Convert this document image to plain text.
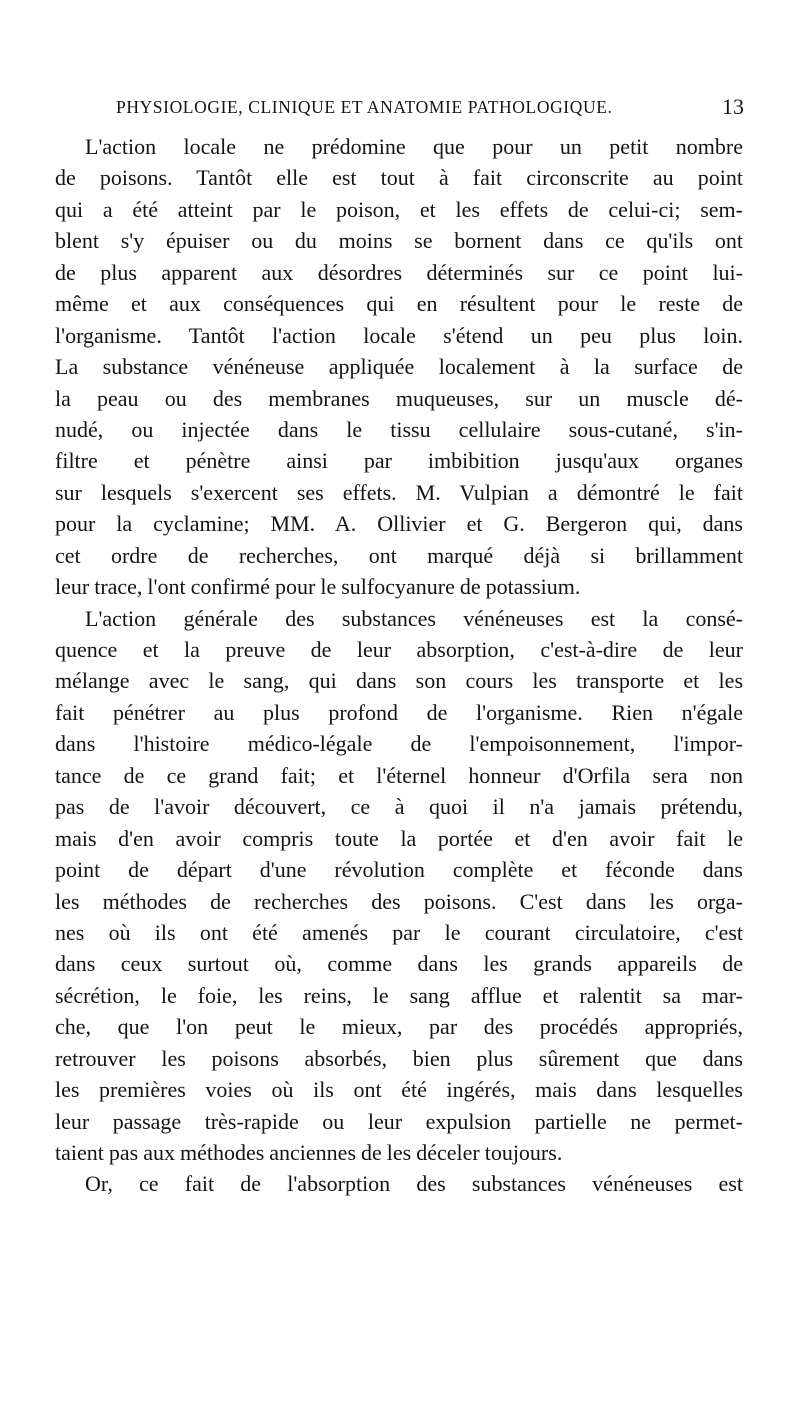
PHYSIOLOGIE, CLINIQUE ET ANATOMIE PATHOLOGIQUE.	13
L'action locale ne prédomine que pour un petit nombre
de poisons. Tantôt elle est tout à fait circonscrite au point
qui a été atteint par le poison, et les effets de celui-ci; sem-
blent s'y épuiser ou du moins se bornent dans ce qu'ils ont
de plus apparent aux désordres déterminés sur ce point lui-
même et aux conséquences qui en résultent pour le reste de
l'organisme. Tantôt l'action locale s'étend un peu plus loin.
La substance vénéneuse appliquée localement à la surface de
la peau ou des membranes muqueuses, sur un muscle dé-
nudé, ou injectée dans le tissu cellulaire sous-cutané, s'in-
filtre et pénètre ainsi par imbibition jusqu'aux organes
sur lesquels s'exercent ses effets. M. Vulpian a démontré le fait
pour la cyclamine; MM. A. Ollivier et G. Bergeron qui, dans
cet ordre de recherches, ont marqué déjà si brillamment
leur trace, l'ont confirmé pour le sulfocyanure de potassium.
L'action générale des substances vénéneuses est la consé-
quence et la preuve de leur absorption, c'est-à-dire de leur
mélange avec le sang, qui dans son cours les transporte et les
fait pénétrer au plus profond de l'organisme. Rien n'égale
dans l'histoire médico-légale de l'empoisonnement, l'impor-
tance de ce grand fait; et l'éternel honneur d'Orfila sera non
pas de l'avoir découvert, ce à quoi il n'a jamais prétendu,
mais d'en avoir compris toute la portée et d'en avoir fait le
point de départ d'une révolution complète et féconde dans
les méthodes de recherches des poisons. C'est dans les orga-
nes où ils ont été amenés par le courant circulatoire, c'est
dans ceux surtout où, comme dans les grands appareils de
sécrétion, le foie, les reins, le sang afflue et ralentit sa mar-
che, que l'on peut le mieux, par des procédés appropriés,
retrouver les poisons absorbés, bien plus sûrement que dans
les premières voies où ils ont été ingérés, mais dans lesquelles
leur passage très-rapide ou leur expulsion partielle ne permet-
taient pas aux méthodes anciennes de les déceler toujours.
Or, ce fait de l'absorption des substances vénéneuses est
